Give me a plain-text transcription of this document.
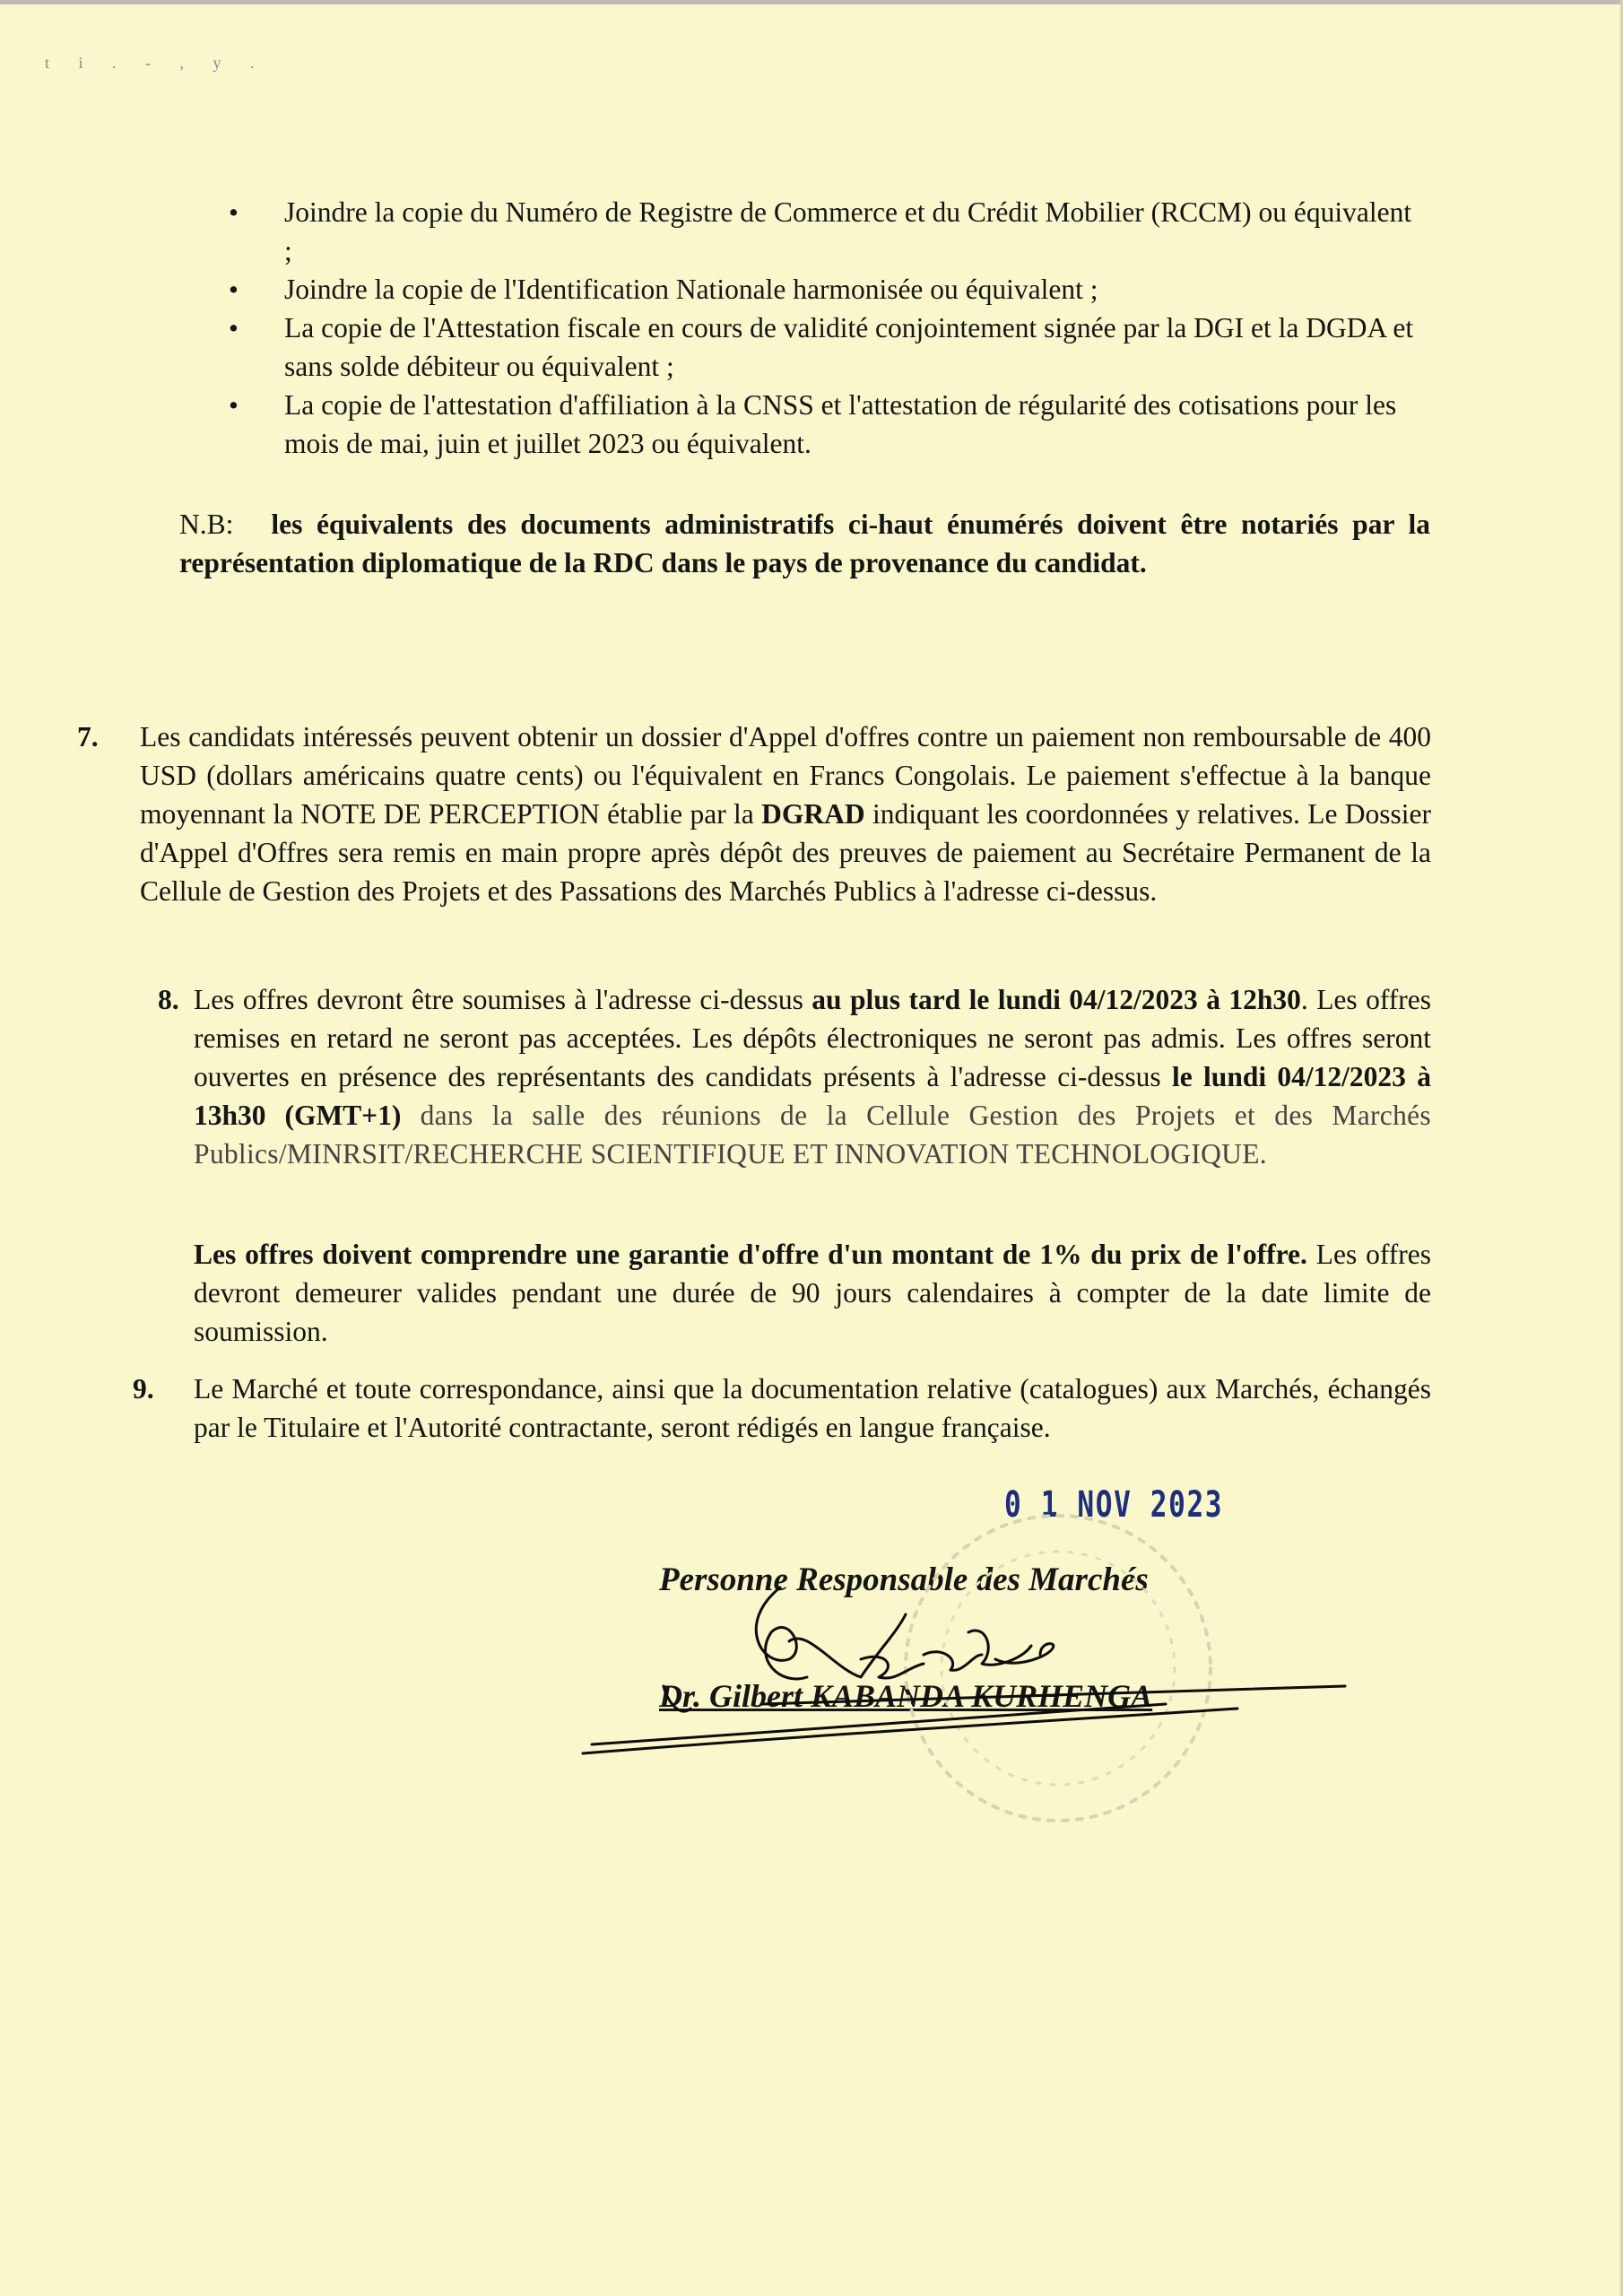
t i . - , y .
• Joindre la copie du Numéro de Registre de Commerce et du Crédit Mobilier (RCCM) ou équivalent ;
• Joindre la copie de l'Identification Nationale harmonisée ou équivalent ;
• La copie de l'Attestation fiscale en cours de validité conjointement signée par la DGI et la DGDA et sans solde débiteur ou équivalent ;
• La copie de l'attestation d'affiliation à la CNSS et l'attestation de régularité des cotisations pour les mois de mai, juin et juillet 2023 ou équivalent.
N.B: les équivalents des documents administratifs ci-haut énumérés doivent être notariés par la représentation diplomatique de la RDC dans le pays de provenance du candidat.
7. Les candidats intéressés peuvent obtenir un dossier d'Appel d'offres contre un paiement non remboursable de 400 USD (dollars américains quatre cents) ou l'équivalent en Francs Congolais. Le paiement s'effectue à la banque moyennant la NOTE DE PERCEPTION établie par la DGRAD indiquant les coordonnées y relatives. Le Dossier d'Appel d'Offres sera remis en main propre après dépôt des preuves de paiement au Secrétaire Permanent de la Cellule de Gestion des Projets et des Passations des Marchés Publics à l'adresse ci-dessus.
8. Les offres devront être soumises à l'adresse ci-dessus au plus tard le lundi 04/12/2023 à 12h30. Les offres remises en retard ne seront pas acceptées. Les dépôts électroniques ne seront pas admis. Les offres seront ouvertes en présence des représentants des candidats présents à l'adresse ci-dessus le lundi 04/12/2023 à 13h30 (GMT+1) dans la salle des réunions de la Cellule Gestion des Projets et des Marchés Publics/MINRSIT/RECHERCHE SCIENTIFIQUE ET INNOVATION TECHNOLOGIQUE.
Les offres doivent comprendre une garantie d'offre d'un montant de 1% du prix de l'offre. Les offres devront demeurer valides pendant une durée de 90 jours calendaires à compter de la date limite de soumission.
9. Le Marché et toute correspondance, ainsi que la documentation relative (catalogues) aux Marchés, échangés par le Titulaire et l'Autorité contractante, seront rédigés en langue française.
0 1 NOV 2023
Personne Responsable des Marchés
Dr. Gilbert KABANDA KURHENGA
